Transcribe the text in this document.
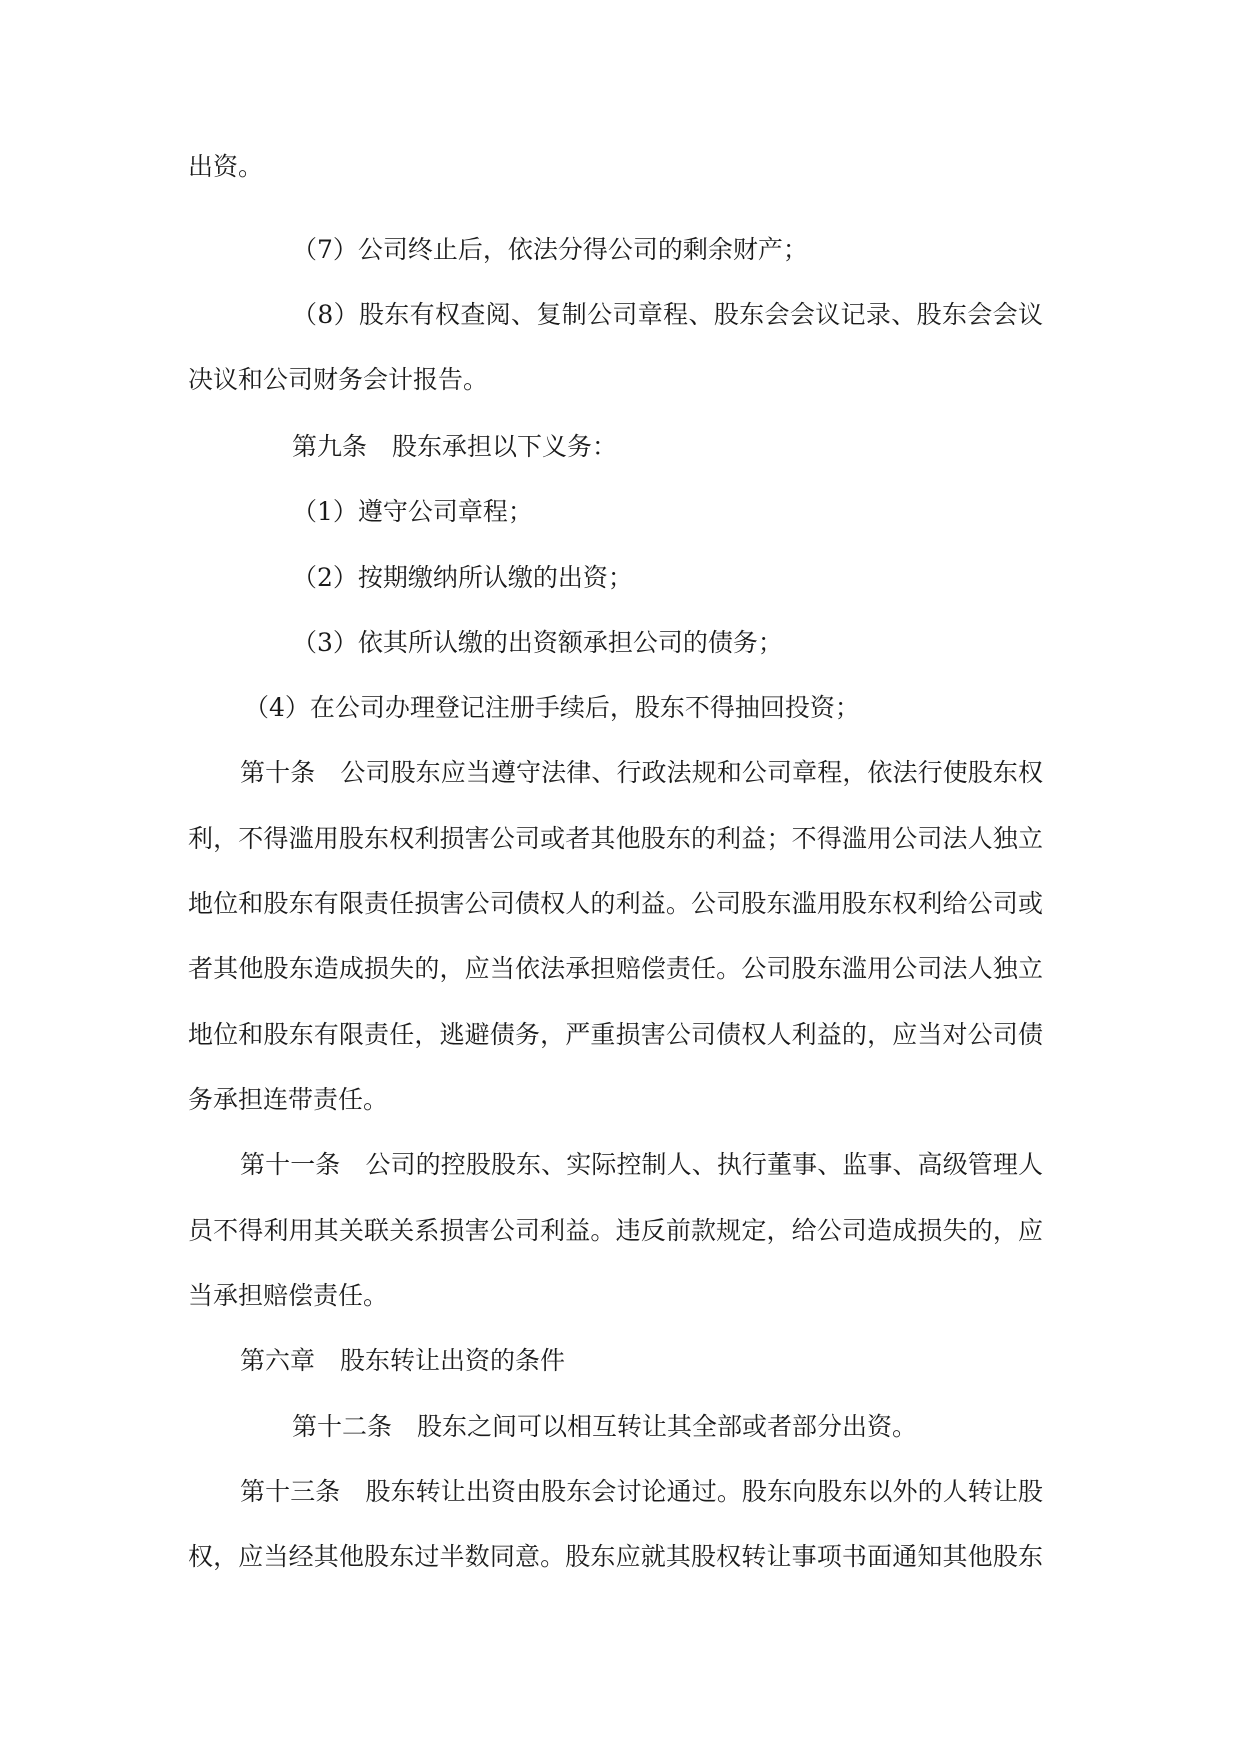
出资。

（7）公司终止后，依法分得公司的剩余财产；

（8）股东有权查阅、复制公司章程、股东会会议记录、股东会会议

决议和公司财务会计报告。

第九条　股东承担以下义务：

（1）遵守公司章程；

（2）按期缴纳所认缴的出资；

（3）依其所认缴的出资额承担公司的债务；

（4）在公司办理登记注册手续后，股东不得抽回投资；

第十条　公司股东应当遵守法律、行政法规和公司章程，依法行使股东权

利，不得滥用股东权利损害公司或者其他股东的利益；不得滥用公司法人独立

地位和股东有限责任损害公司债权人的利益。公司股东滥用股东权利给公司或

者其他股东造成损失的，应当依法承担赔偿责任。公司股东滥用公司法人独立

地位和股东有限责任，逃避债务，严重损害公司债权人利益的，应当对公司债

务承担连带责任。

第十一条　公司的控股股东、实际控制人、执行董事、监事、高级管理人

员不得利用其关联关系损害公司利益。违反前款规定，给公司造成损失的，应

当承担赔偿责任。

第六章　股东转让出资的条件

第十二条　股东之间可以相互转让其全部或者部分出资。

第十三条　股东转让出资由股东会讨论通过。股东向股东以外的人转让股

权，应当经其他股东过半数同意。股东应就其股权转让事项书面通知其他股东
